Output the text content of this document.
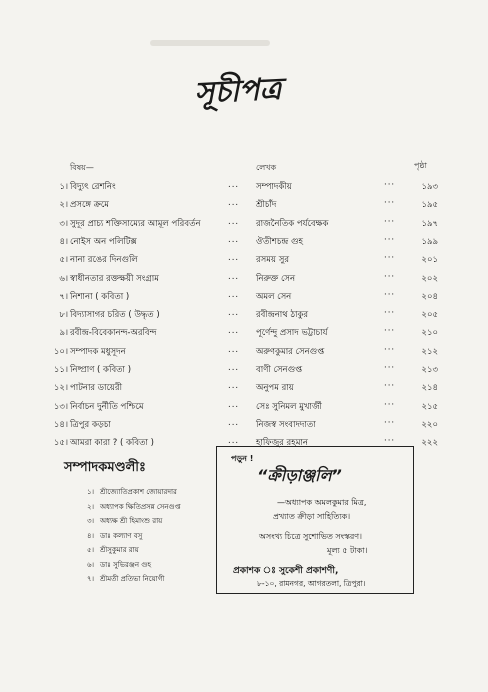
সূচীপত্র
বিষয়—	লেখক	পৃষ্ঠা
১। বিদ্যুৎ রেশনিং	... সম্পাদকীয়	···	১৯৩
২। প্রসঙ্গে ক্রমে	... শ্রীচাঁদ	···	১৯৫
৩। সুদূর প্রাচ্য শক্তিসাম্যের আমূল পরিবর্তন	... রাজনৈতিক পর্যবেক্ষক	···	১৯৭
৪। নোইস অন পলিটিক্স	... ঔতীশচন্দ্র গুহ	···	১৯৯
৫। নানা রঙের দিনগুলি	... রসময় সুর	···	২০১
৬। স্বাধীনতার রক্তক্ষয়ী সংগ্রাম	... নিরুক্ত সেন	···	২০২
৭। নিশানা ( কবিতা )	... অমল সেন	···	২০৪
৮। বিদ্যাসাগর চরিত ( উদ্ধৃত )	... রবীন্দ্রনাথ ঠাকুর	···	২০৫
৯। রবীন্দ্র-বিবেকানন্দ-অরবিন্দ	... পূর্ণেন্দু প্রসাদ ভট্টাচার্য	···	২১০
১০। সম্পাদক মধুসূদন	... অরুণকুমার সেনগুপ্ত	···	২১২
১১। নিষ্প্রাণ ( কবিতা )	... বাণী সেনগুপ্ত	···	২১৩
১২। পাটনার ডায়েরী	... অনুপম রায়	···	২১৪
১৩। নির্বাচন দুর্নীতি পশ্চিমে	... সেঃ সুনিমল মুখার্জী	···	২১৫
১৪। ত্রিপুর কড়চা	... নিজস্ব সংবাদদাতা	···	২২০
১৫। আমরা কারা ? ( কবিতা )	... হাফিজুর রহমান	···	২২২
সম্পাদকমণ্ডলীঃ
১। শ্রীজ্যোতিপ্রকাশ জোয়ারদার
২। অধ্যাপক ক্ষিতিপ্রসন্ন সেনগুপ্ত
৩। অধ্যক্ষ শ্রী হিমাংশু রায়
৪। ডাঃ কল্যাণ বসু
৫। শ্রীসুকুমার রায়
৬। ডাঃ সুভিরঞ্জন গুহ
৭। শ্রীমতী প্রতিভা নিয়োগী
পড়ুন !
“ক্রীড়াঞ্জলি”
—অধ্যাপক অমলকুমার মিত্র,
প্রখ্যাত ক্রীড়া সাহিত্যিক।
অসংখ্য চিত্রে সুশোভিত সংস্করণ।
মূল্য ৫ টাকা।
প্রকাশক ঃ সুকেশী প্রকাশণী,
৮-১০, রামনগর, আগরতলা, ত্রিপুরা।
